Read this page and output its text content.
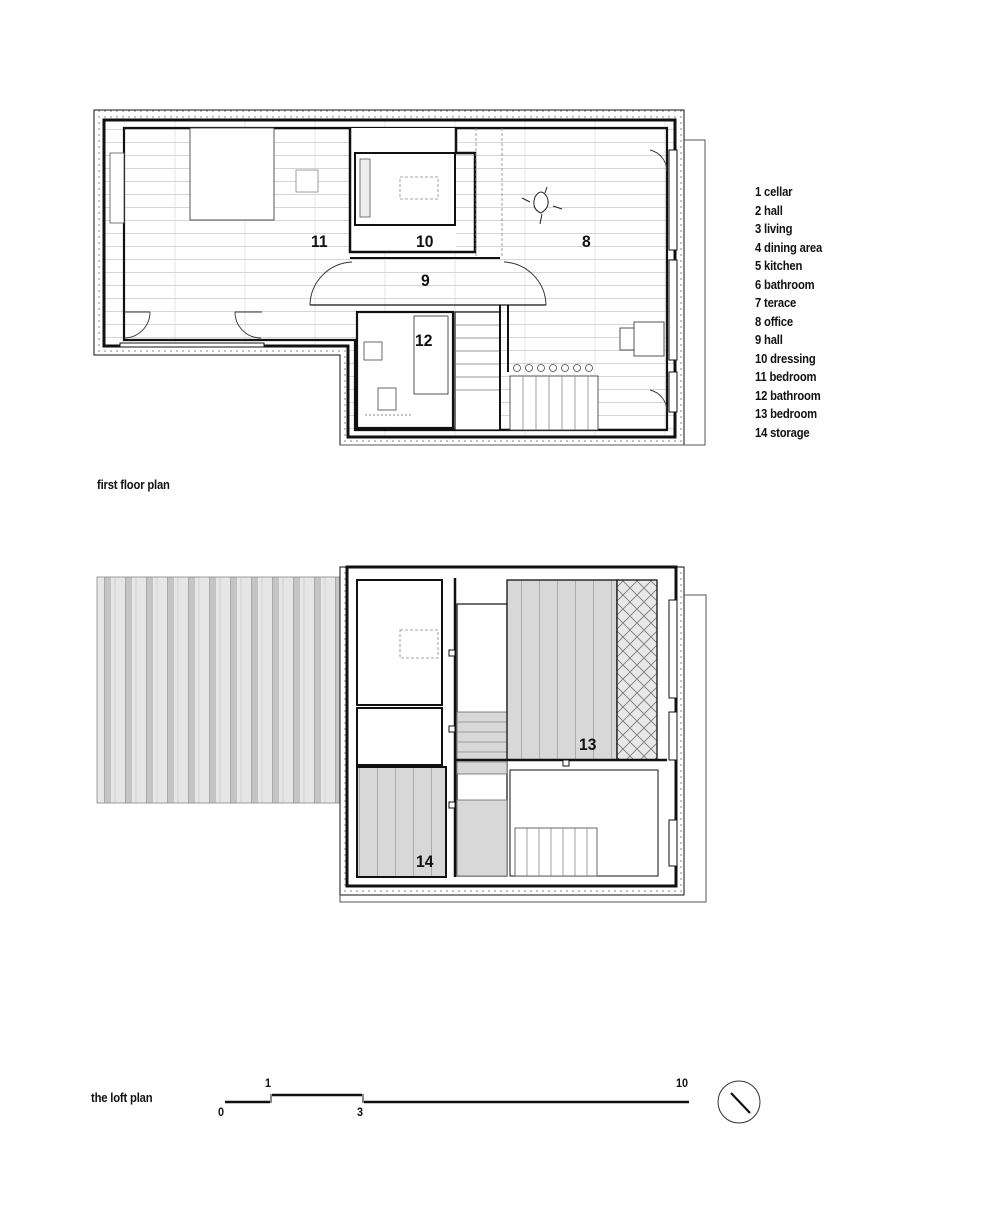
11	10	8
9
12
13
14
1 cellar
2 hall
3 living
4 dining area
5 kitchen
6 bathroom
7 terace
8 office
9 hall
10 dressing
11 bedroom
12 bathroom
13 bedroom
14 storage
first floor plan
the loft plan
0
1
3
10
